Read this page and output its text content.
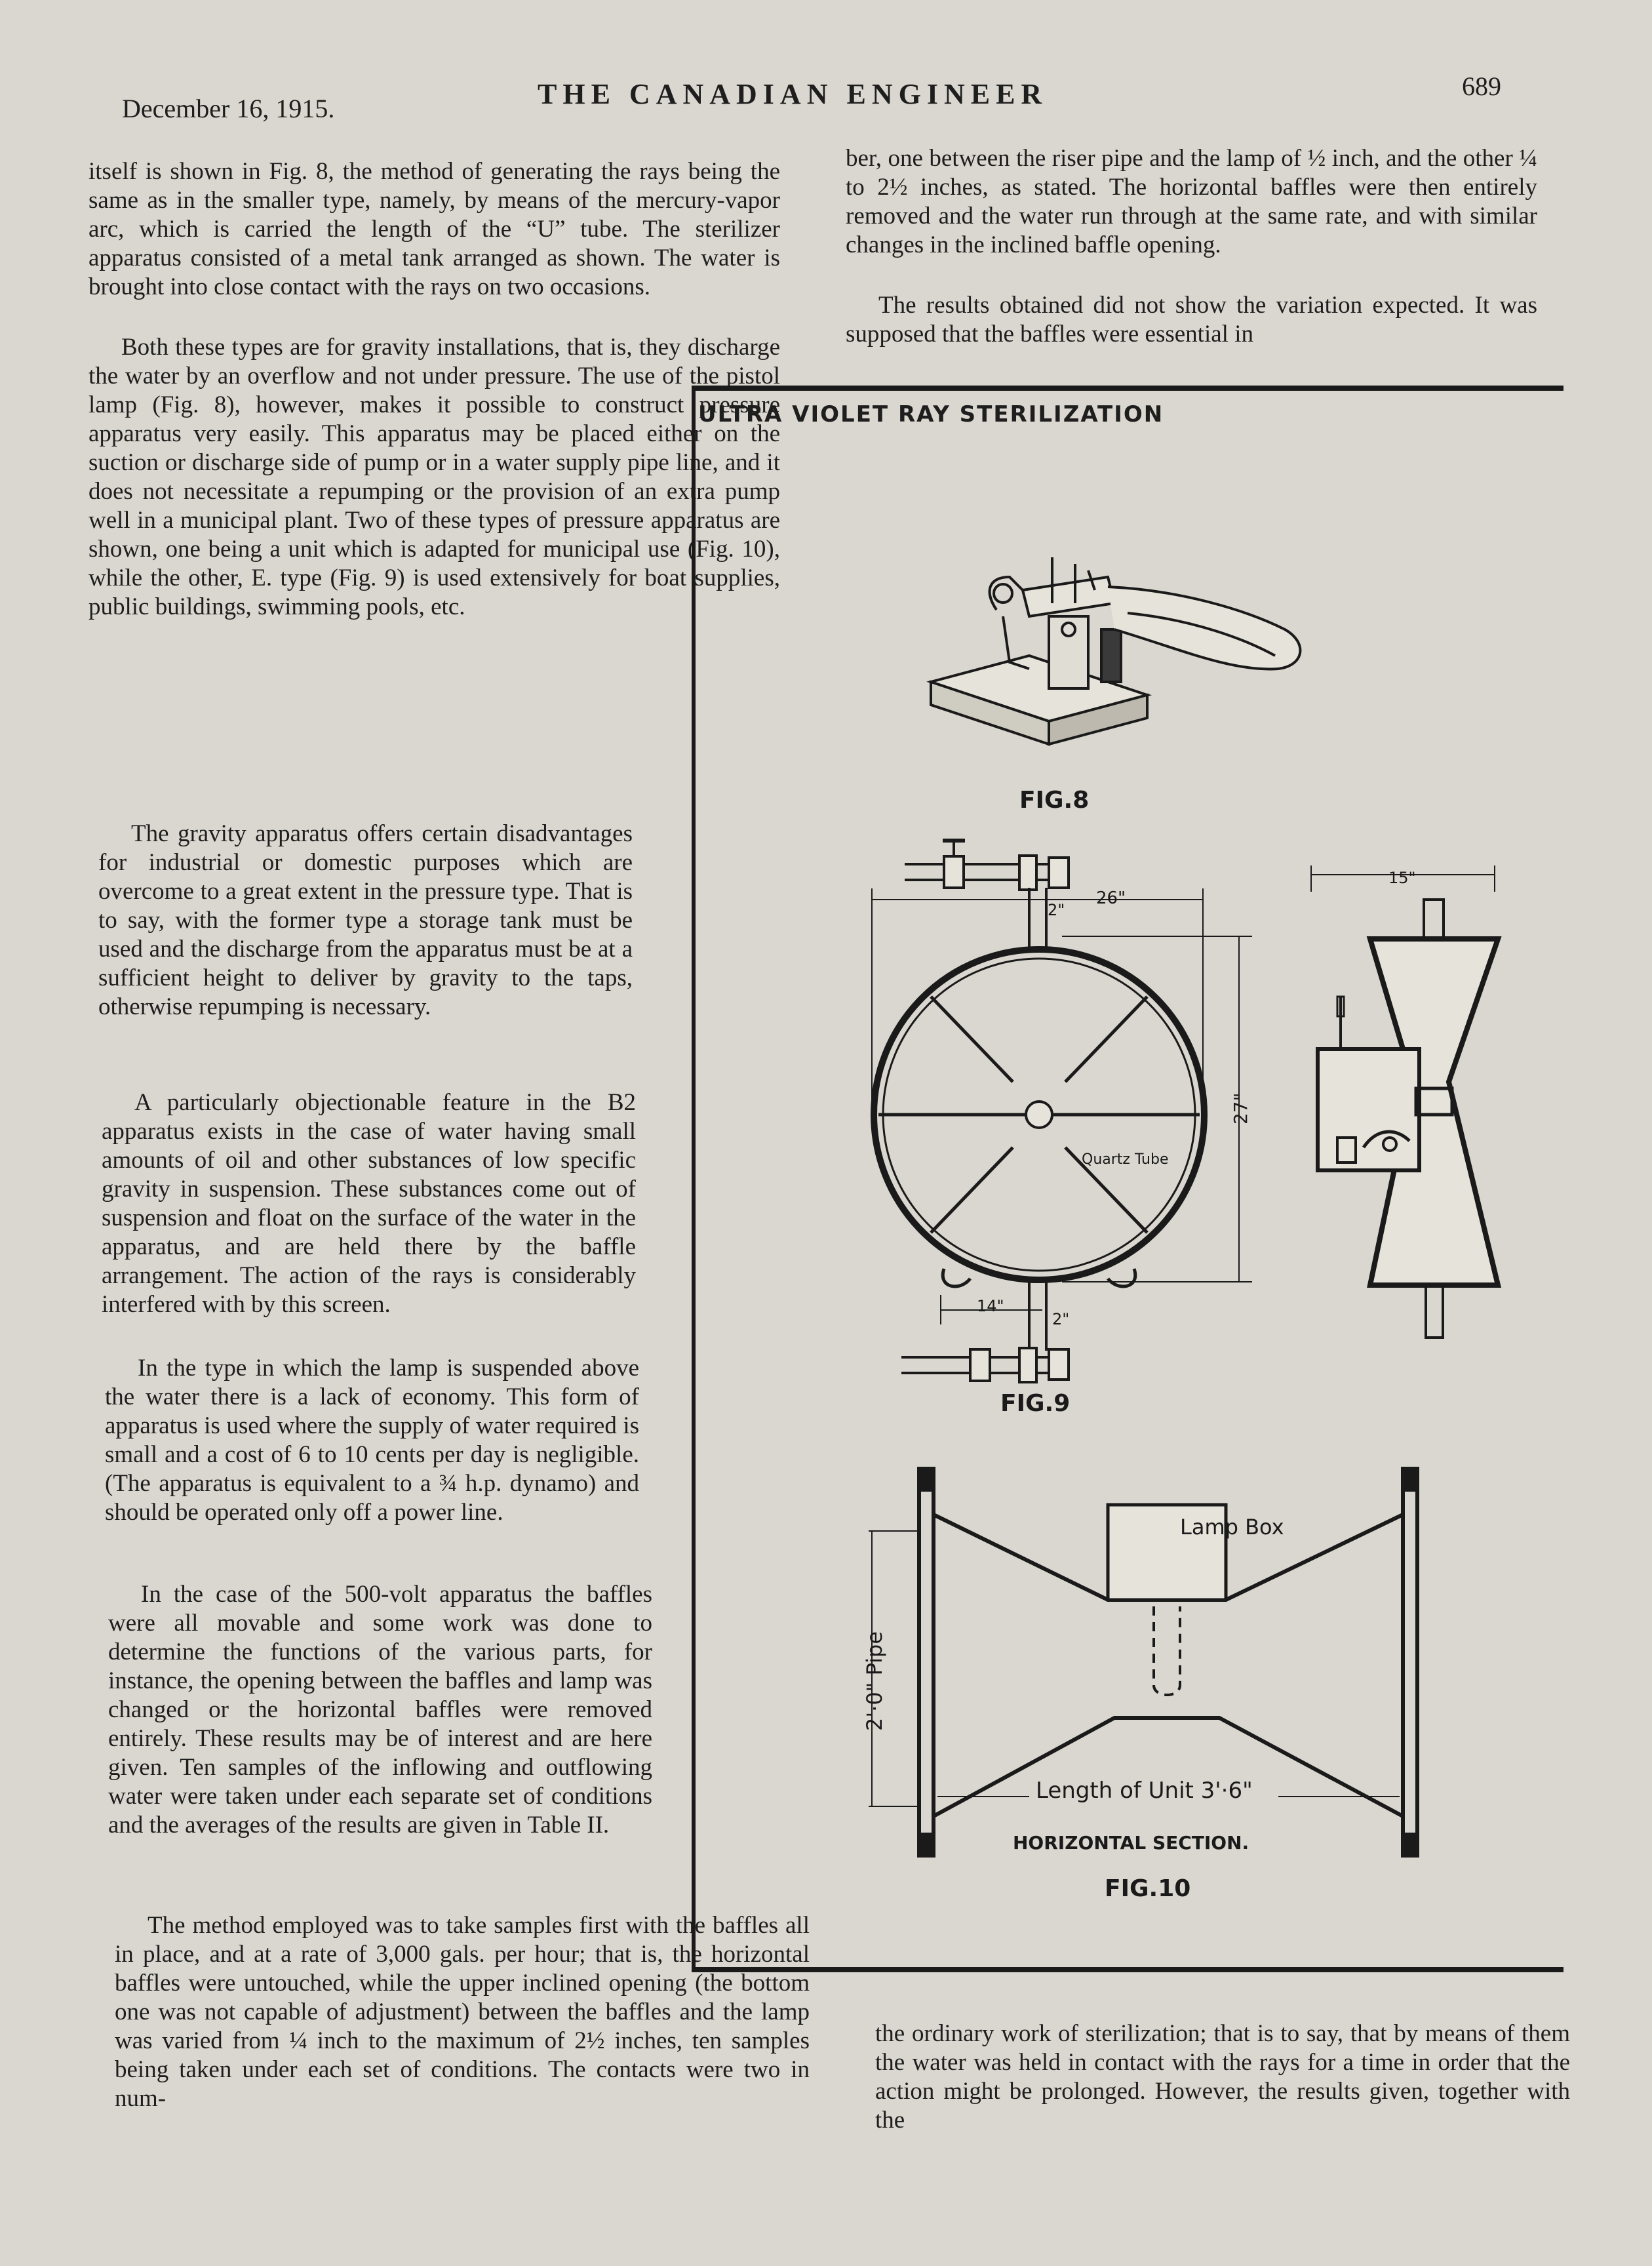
December 16, 1915.	THE CANADIAN ENGINEER	689

itself is shown in Fig. 8, the method of generating the rays being the same as in the smaller type, namely, by means of the mercury-vapor arc, which is carried the length of the “U” tube. The sterilizer apparatus consisted of a metal tank arranged as shown. The water is brought into close contact with the rays on two occasions.

Both these types are for gravity installations, that is, they discharge the water by an overflow and not under pressure. The use of the pistol lamp (Fig. 8), however, makes it possible to construct pressure apparatus very easily. This apparatus may be placed either on the suction or discharge side of pump or in a water supply pipe line, and it does not necessitate a repumping or the provision of an extra pump well in a municipal plant. Two of these types of pressure apparatus are shown, one being a unit which is adapted for municipal use (Fig. 10), while the other, E. type (Fig. 9) is used extensively for boat supplies, public buildings, swimming pools, etc.

The gravity apparatus offers certain disadvantages for industrial or domestic purposes which are overcome to a great extent in the pressure type. That is to say, with the former type a storage tank must be used and the discharge from the apparatus must be at a sufficient height to deliver by gravity to the taps, otherwise repumping is necessary.

A particularly objectionable feature in the B2 apparatus exists in the case of water having small amounts of oil and other substances of low specific gravity in suspension. These substances come out of suspension and float on the surface of the water in the apparatus, and are held there by the baffle arrangement. The action of the rays is considerably interfered with by this screen.

In the type in which the lamp is suspended above the water there is a lack of economy. This form of apparatus is used where the supply of water required is small and a cost of 6 to 10 cents per day is negligible. (The apparatus is equivalent to a ¾ h.p. dynamo) and should be operated only off a power line.

In the case of the 500-volt apparatus the baffles were all movable and some work was done to determine the functions of the various parts, for instance, the opening between the baffles and lamp was changed or the horizontal baffles were removed entirely. These results may be of interest and are here given. Ten samples of the inflowing and outflowing water were taken under each separate set of conditions and the averages of the results are given in Table II.

The method employed was to take samples first with the baffles all in place, and at a rate of 3,000 gals. per hour; that is, the horizontal baffles were untouched, while the upper inclined opening (the bottom one was not capable of adjustment) between the baffles and the lamp was varied from ¼ inch to the maximum of 2½ inches, ten samples being taken under each set of conditions. The contacts were two in num-

ber, one between the riser pipe and the lamp of ½ inch, and the other ¼ to 2½ inches, as stated. The horizontal baffles were then entirely removed and the water run through at the same rate, and with similar changes in the inclined baffle opening.

The results obtained did not show the variation expected. It was supposed that the baffles were essential in

the ordinary work of sterilization; that is to say, that by means of them the water was held in contact with the rays for a time in order that the action might be prolonged. However, the results given, together with the

ULTRA VIOLET RAY STERILIZATION
FIG.8
Quartz Tube
26"
2"
27"
14"
2"
15"
FIG.9
Lamp Box
2'·0" Pipe
Length of Unit 3'·6"
HORIZONTAL SECTION.
FIG.10
